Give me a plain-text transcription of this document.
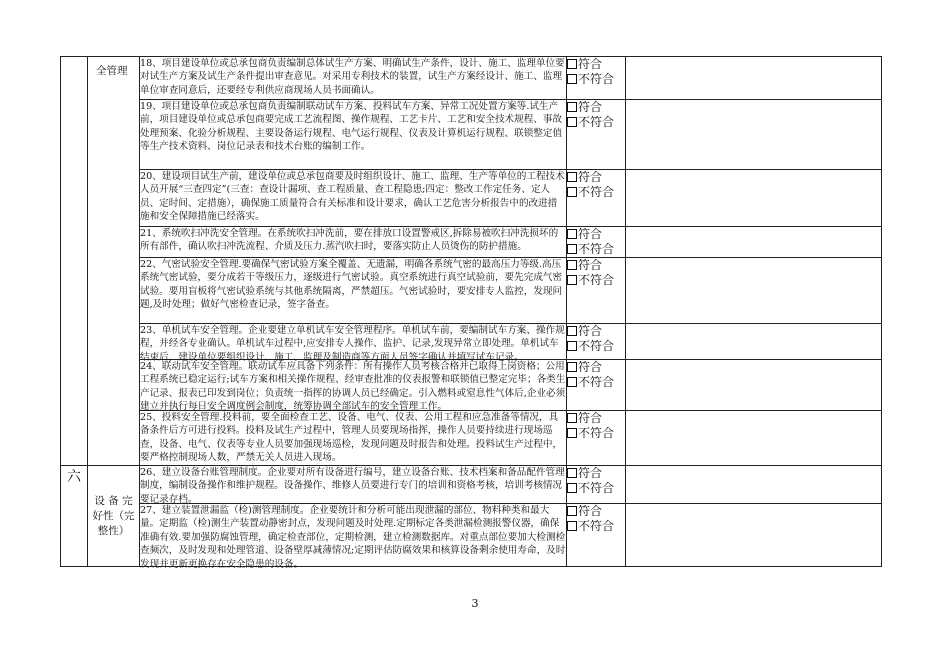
	全管理	18、项目建设单位或总承包商负责编制总体试生产方案、明确试生产条件，设计、施工、监理单位要对试生产方案及试生产条件提出审查意见。对采用专利技术的装置，试生产方案经设计、施工、监理单位审查同意后，还要经专利供应商现场人员书面确认。	符合
不符合	

		19、项目建设单位或总承包商负责编制联动试车方案、投料试车方案、异常工况处置方案等.试生产前，项目建设单位或总承包商要完成工艺流程图、操作规程、工艺卡片、工艺和安全技术规程、事故处理预案、化验分析规程、主要设备运行规程、电气运行规程、仪表及计算机运行规程、联锁整定值等生产技术资料、岗位记录表和技术台账的编制工作。	符合
不符合	

		20、建设项目试生产前，建设单位或总承包商要及时组织设计、施工、监理、生产等单位的工程技术人员开展“三查四定”(三查：查设计漏项、查工程质量、查工程隐患;四定：整改工作定任务、定人员、定时间、定措施），确保施工质量符合有关标准和设计要求，确认工艺危害分析报告中的改进措施和安全保障措施已经落实。	符合
不符合	

		21、系统吹扫冲洗安全管理。在系统吹扫冲洗前，要在排放口设置警戒区,拆除易被吹扫冲洗损坏的所有部件，确认吹扫冲洗流程、介质及压力.蒸汽吹扫时，要落实防止人员烫伤的防护措施。	符合
不符合	

		22、气密试验安全管理.要确保气密试验方案全覆盖、无遗漏，明确各系统气密的最高压力等级.高压系统气密试验，要分成若干等级压力，逐级进行气密试验。真空系统进行真空试验前，要先完成气密试验。要用盲板将气密试验系统与其他系统隔离，严禁超压。气密试验时，要安排专人监控，发现问题,及时处理；做好气密检查记录，签字备查。	符合
不符合	

		23、单机试车安全管理。企业要建立单机试车安全管理程序。单机试车前，要编制试车方案、操作规程，并经各专业确认。单机试车过程中,应安排专人操作、监护、记录,发现异常立即处理。单机试车结束后，建设单位要组织设计、施工、监理及制造商等方面人员签字确认并填写试车记录。	符合
不符合	

		24、联动试车安全管理。联动试车应具备下列条件：所有操作人员考核合格并已取得上岗资格；公用工程系统已稳定运行;试车方案和相关操作规程、经审查批准的仪表报警和联锁值已整定完毕；各类生产记录、报表已印发到岗位；负责统一指挥的协调人员已经确定。引入燃料或窒息性气体后,企业必须建立并执行每日安全调度例会制度，统筹协调全部试车的安全管理工作。	符合
不符合	

		25、投料安全管理.投料前，要全面检查工艺、设备、电气、仪表、公用工程和应急准备等情况，具备条件后方可进行投料。投料及试生产过程中，管理人员要现场指挥，操作人员要持续进行现场巡查，设备、电气、仪表等专业人员要加强现场巡检，发现问题及时报告和处理。投料试生产过程中，要严格控制现场人数，严禁无关人员进入现场。	符合
不符合	

六	设 备 完好性（完整性）	26、建立设备台账管理制度。企业要对所有设备进行编号，建立设备台账、技术档案和备品配件管理制度，编制设备操作和维护规程。设备操作、维修人员要进行专门的培训和资格考核，培训考核情况要记录存档。	符合
不符合	

		27、建立装置泄漏监（检)测管理制度。企业要统计和分析可能出现泄漏的部位、物料种类和最大量。定期监（检)测生产装置动静密封点，发现问题及时处理.定期标定各类泄漏检测报警仪器，确保准确有效.要加强防腐蚀管理，确定检查部位，定期检测，建立检测数据库。对重点部位要加大检测检查频次，及时发现和处理管道、设备壁厚减薄情况;定期评估防腐效果和核算设备剩余使用寿命，及时发现并更新更换存在安全隐患的设备。	符合
不符合	

3
